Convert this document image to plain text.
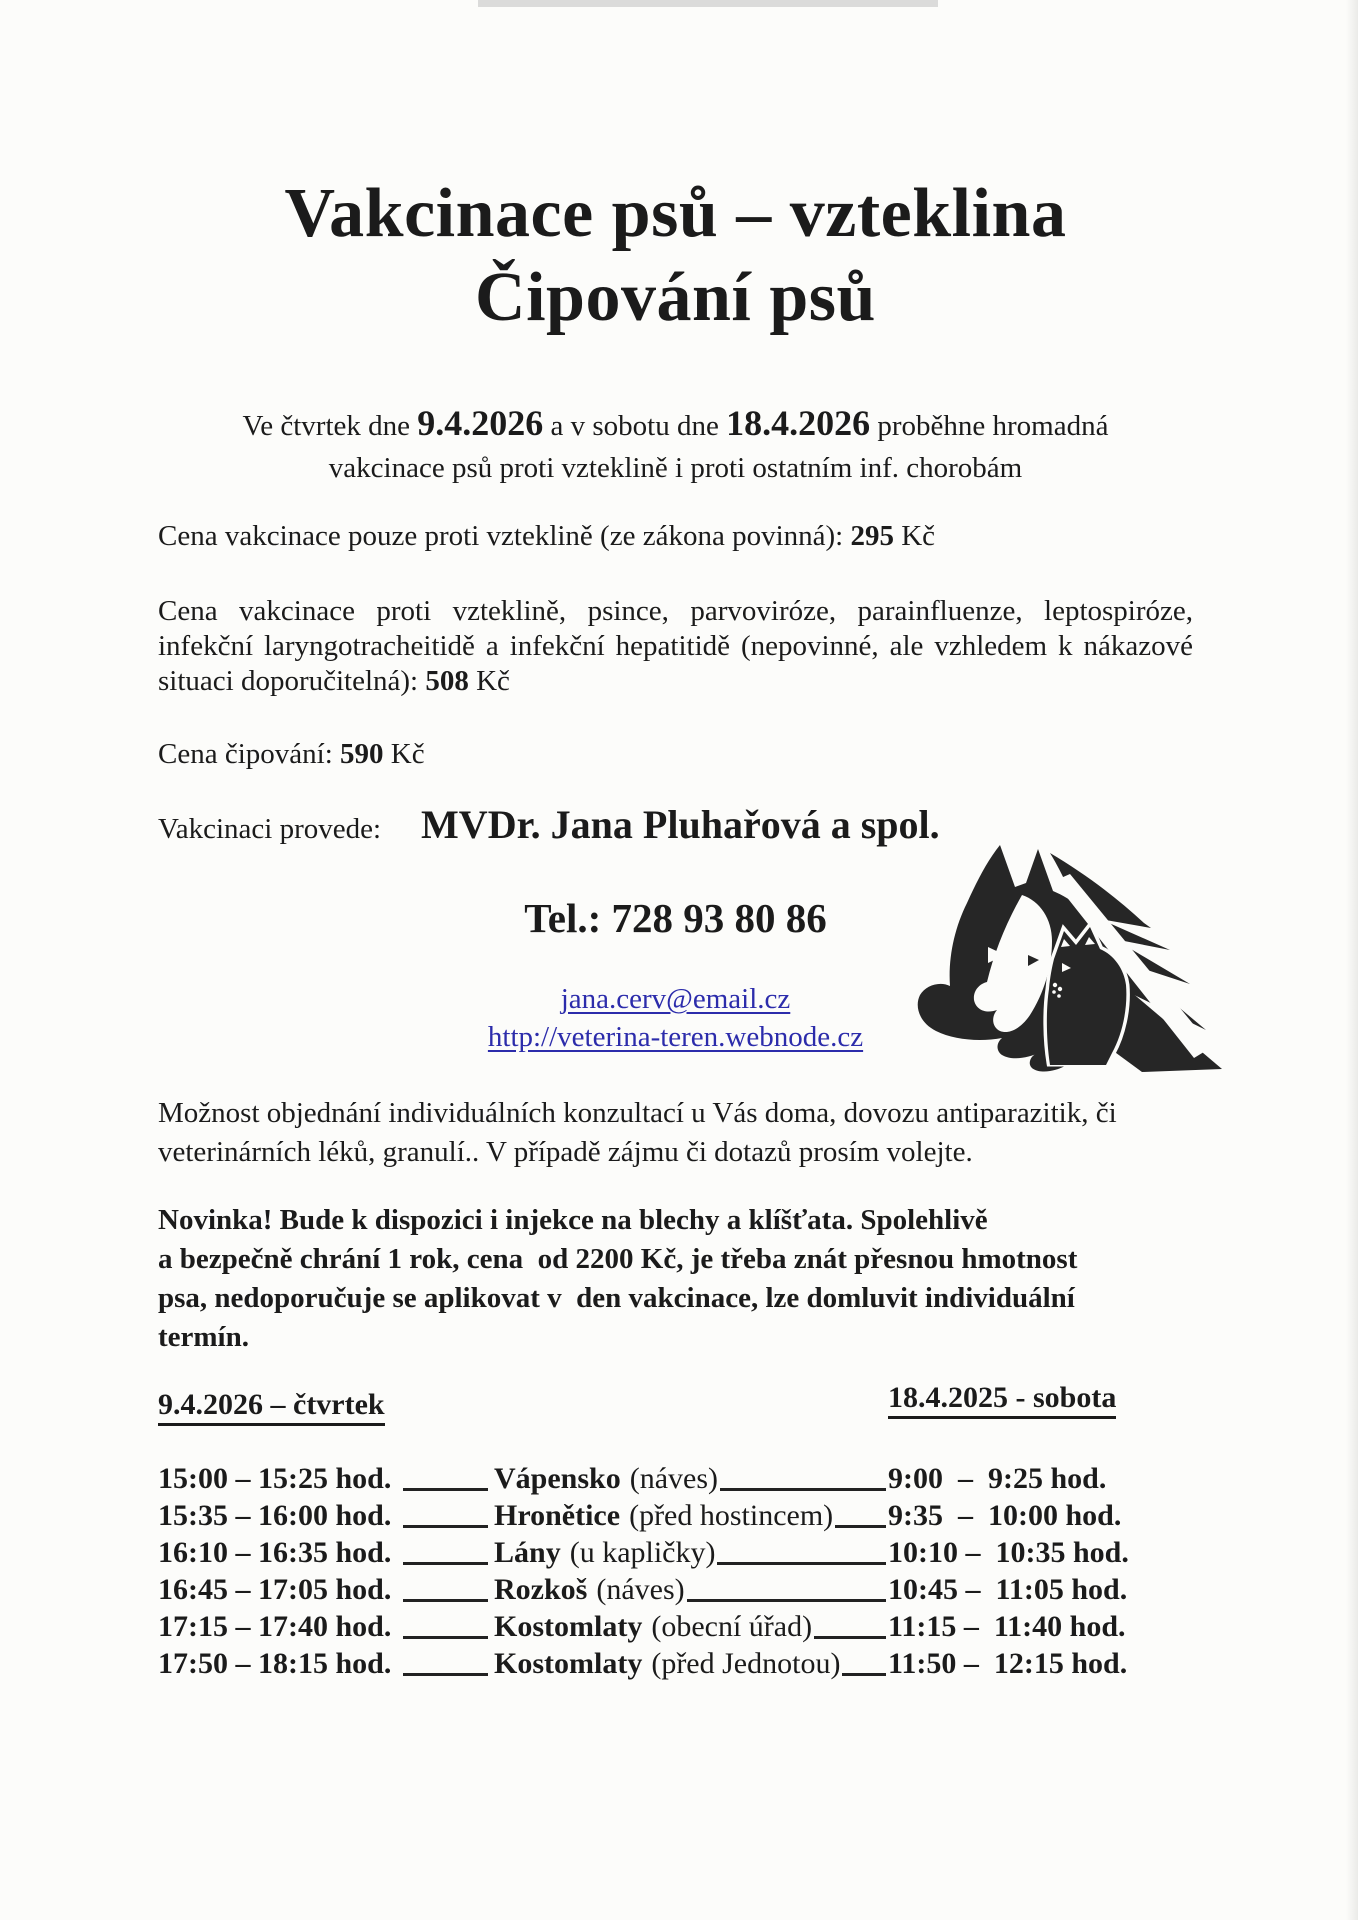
Vakcinace psů – vzteklina
Čipování psů

Ve čtvrtek dne 9.4.2026 a v sobotu dne 18.4.2026 proběhne hromadná
vakcinace psů proti vzteklině i proti ostatním inf. chorobám

Cena vakcinace pouze proti vzteklině (ze zákona povinná): 295 Kč

Cena vakcinace proti vzteklině, psince, parvoviróze, parainfluenze, leptospiróze, infekční laryngotracheitidě a infekční hepatitidě (nepovinné, ale vzhledem k nákazové situaci doporučitelná): 508 Kč

Cena čipování: 590 Kč

Vakcinaci provede: MVDr. Jana Pluhařová a spol.
Tel.: 728 93 80 86
jana.cerv@email.cz
http://veterina-teren.webnode.cz

Možnost objednání individuálních konzultací u Vás doma, dovozu antiparazitik, či veterinárních léků, granulí.. V případě zájmu či dotazů prosím volejte.

Novinka! Bude k dispozici i injekce na blechy a klíšťata. Spolehlivě
a bezpečně chrání 1 rok, cena  od 2200 Kč, je třeba znát přesnou hmotnost
psa, nedoporučuje se aplikovat v  den vakcinace, lze domluvit individuální
termín.
9.4.2026 – čtvrtek	18.4.2025 - sobota
15:00 – 15:25 hod.	Vápensko (náves)	9:00  –  9:25 hod.
15:35 – 16:00 hod.	Hronětice (před hostincem) 9:35  –  10:00 hod.
16:10 – 16:35 hod.	Lány (u kapličky)	10:10 –  10:35 hod.
16:45 – 17:05 hod.	Rozkoš (náves)	10:45 –  11:05 hod.
17:15 – 17:40 hod.	Kostomlaty (obecní úřad)	11:15 –  11:40 hod.
17:50 – 18:15 hod.	Kostomlaty (před Jednotou) 11:50 –  12:15 hod.
